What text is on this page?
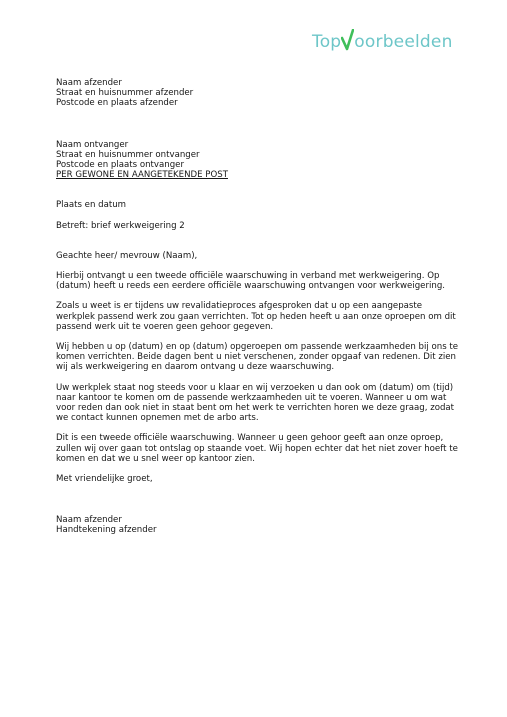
Top oorbeelden
Naam afzender
Straat en huisnummer afzender
Postcode en plaats afzender
Naam ontvanger
Straat en huisnummer ontvanger
Postcode en plaats ontvanger
PER GEWONE EN AANGETEKENDE POST
Plaats en datum
Betreft: brief werkweigering 2
Geachte heer/ mevrouw (Naam),
Hierbij ontvangt u een tweede officiële waarschuwing in verband met werkweigering. Op
(datum) heeft u reeds een eerdere officiële waarschuwing ontvangen voor werkweigering.
Zoals u weet is er tijdens uw revalidatieproces afgesproken dat u op een aangepaste
werkplek passend werk zou gaan verrichten. Tot op heden heeft u aan onze oproepen om dit
passend werk uit te voeren geen gehoor gegeven.
Wij hebben u op (datum) en op (datum) opgeroepen om passende werkzaamheden bij ons te
komen verrichten. Beide dagen bent u niet verschenen, zonder opgaaf van redenen. Dit zien
wij als werkweigering en daarom ontvang u deze waarschuwing.
Uw werkplek staat nog steeds voor u klaar en wij verzoeken u dan ook om (datum) om (tijd)
naar kantoor te komen om de passende werkzaamheden uit te voeren. Wanneer u om wat
voor reden dan ook niet in staat bent om het werk te verrichten horen we deze graag, zodat
we contact kunnen opnemen met de arbo arts.
Dit is een tweede officiële waarschuwing. Wanneer u geen gehoor geeft aan onze oproep,
zullen wij over gaan tot ontslag op staande voet. Wij hopen echter dat het niet zover hoeft te
komen en dat we u snel weer op kantoor zien.
Met vriendelijke groet,
Naam afzender
Handtekening afzender
